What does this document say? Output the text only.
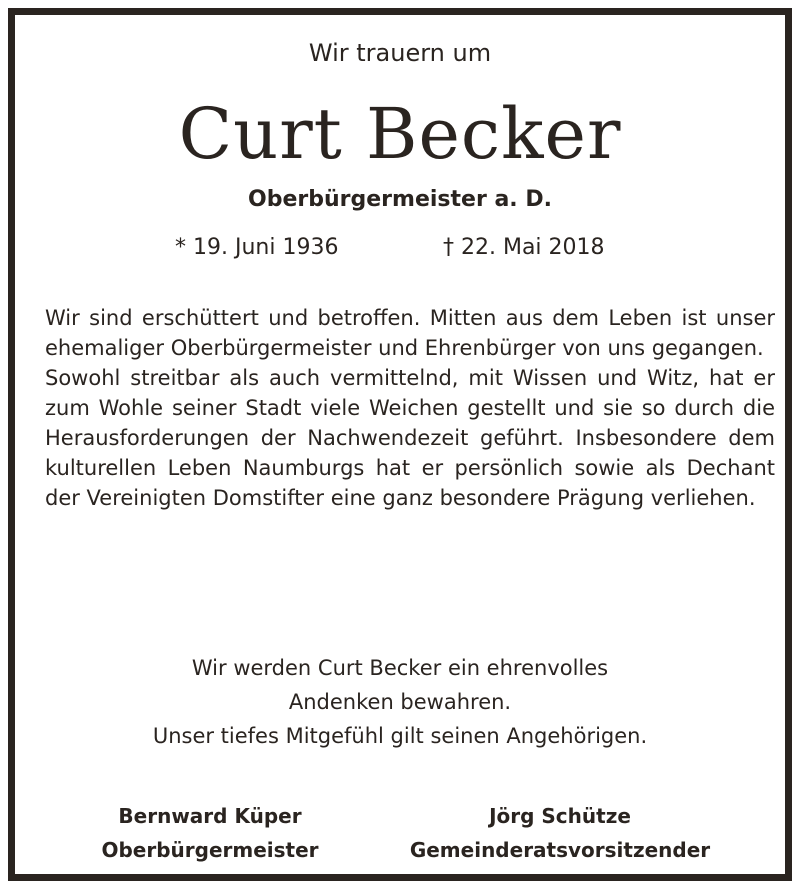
Wir trauern um
Curt Becker
Oberbürgermeister a. D.
* 19. Juni 1936	† 22. Mai 2018

Wir sind erschüttert und betroffen. Mitten aus dem Leben ist unser ehemaliger Oberbürgermeister und Ehrenbürger von uns gegangen.

Sowohl streitbar als auch vermittelnd, mit Wissen und Witz, hat er zum Wohle seiner Stadt viele Weichen gestellt und sie so durch die Herausforderungen der Nachwendezeit geführt. Insbesondere dem kulturellen Leben Naumburgs hat er persönlich sowie als Dechant der Vereinigten Domstifter eine ganz besondere Prägung verliehen.

Wir werden Curt Becker ein ehrenvolles
Andenken bewahren.
Unser tiefes Mitgefühl gilt seinen Angehörigen.
Bernward Küper
Oberbürgermeister
Jörg Schütze
Gemeinderatsvorsitzender
